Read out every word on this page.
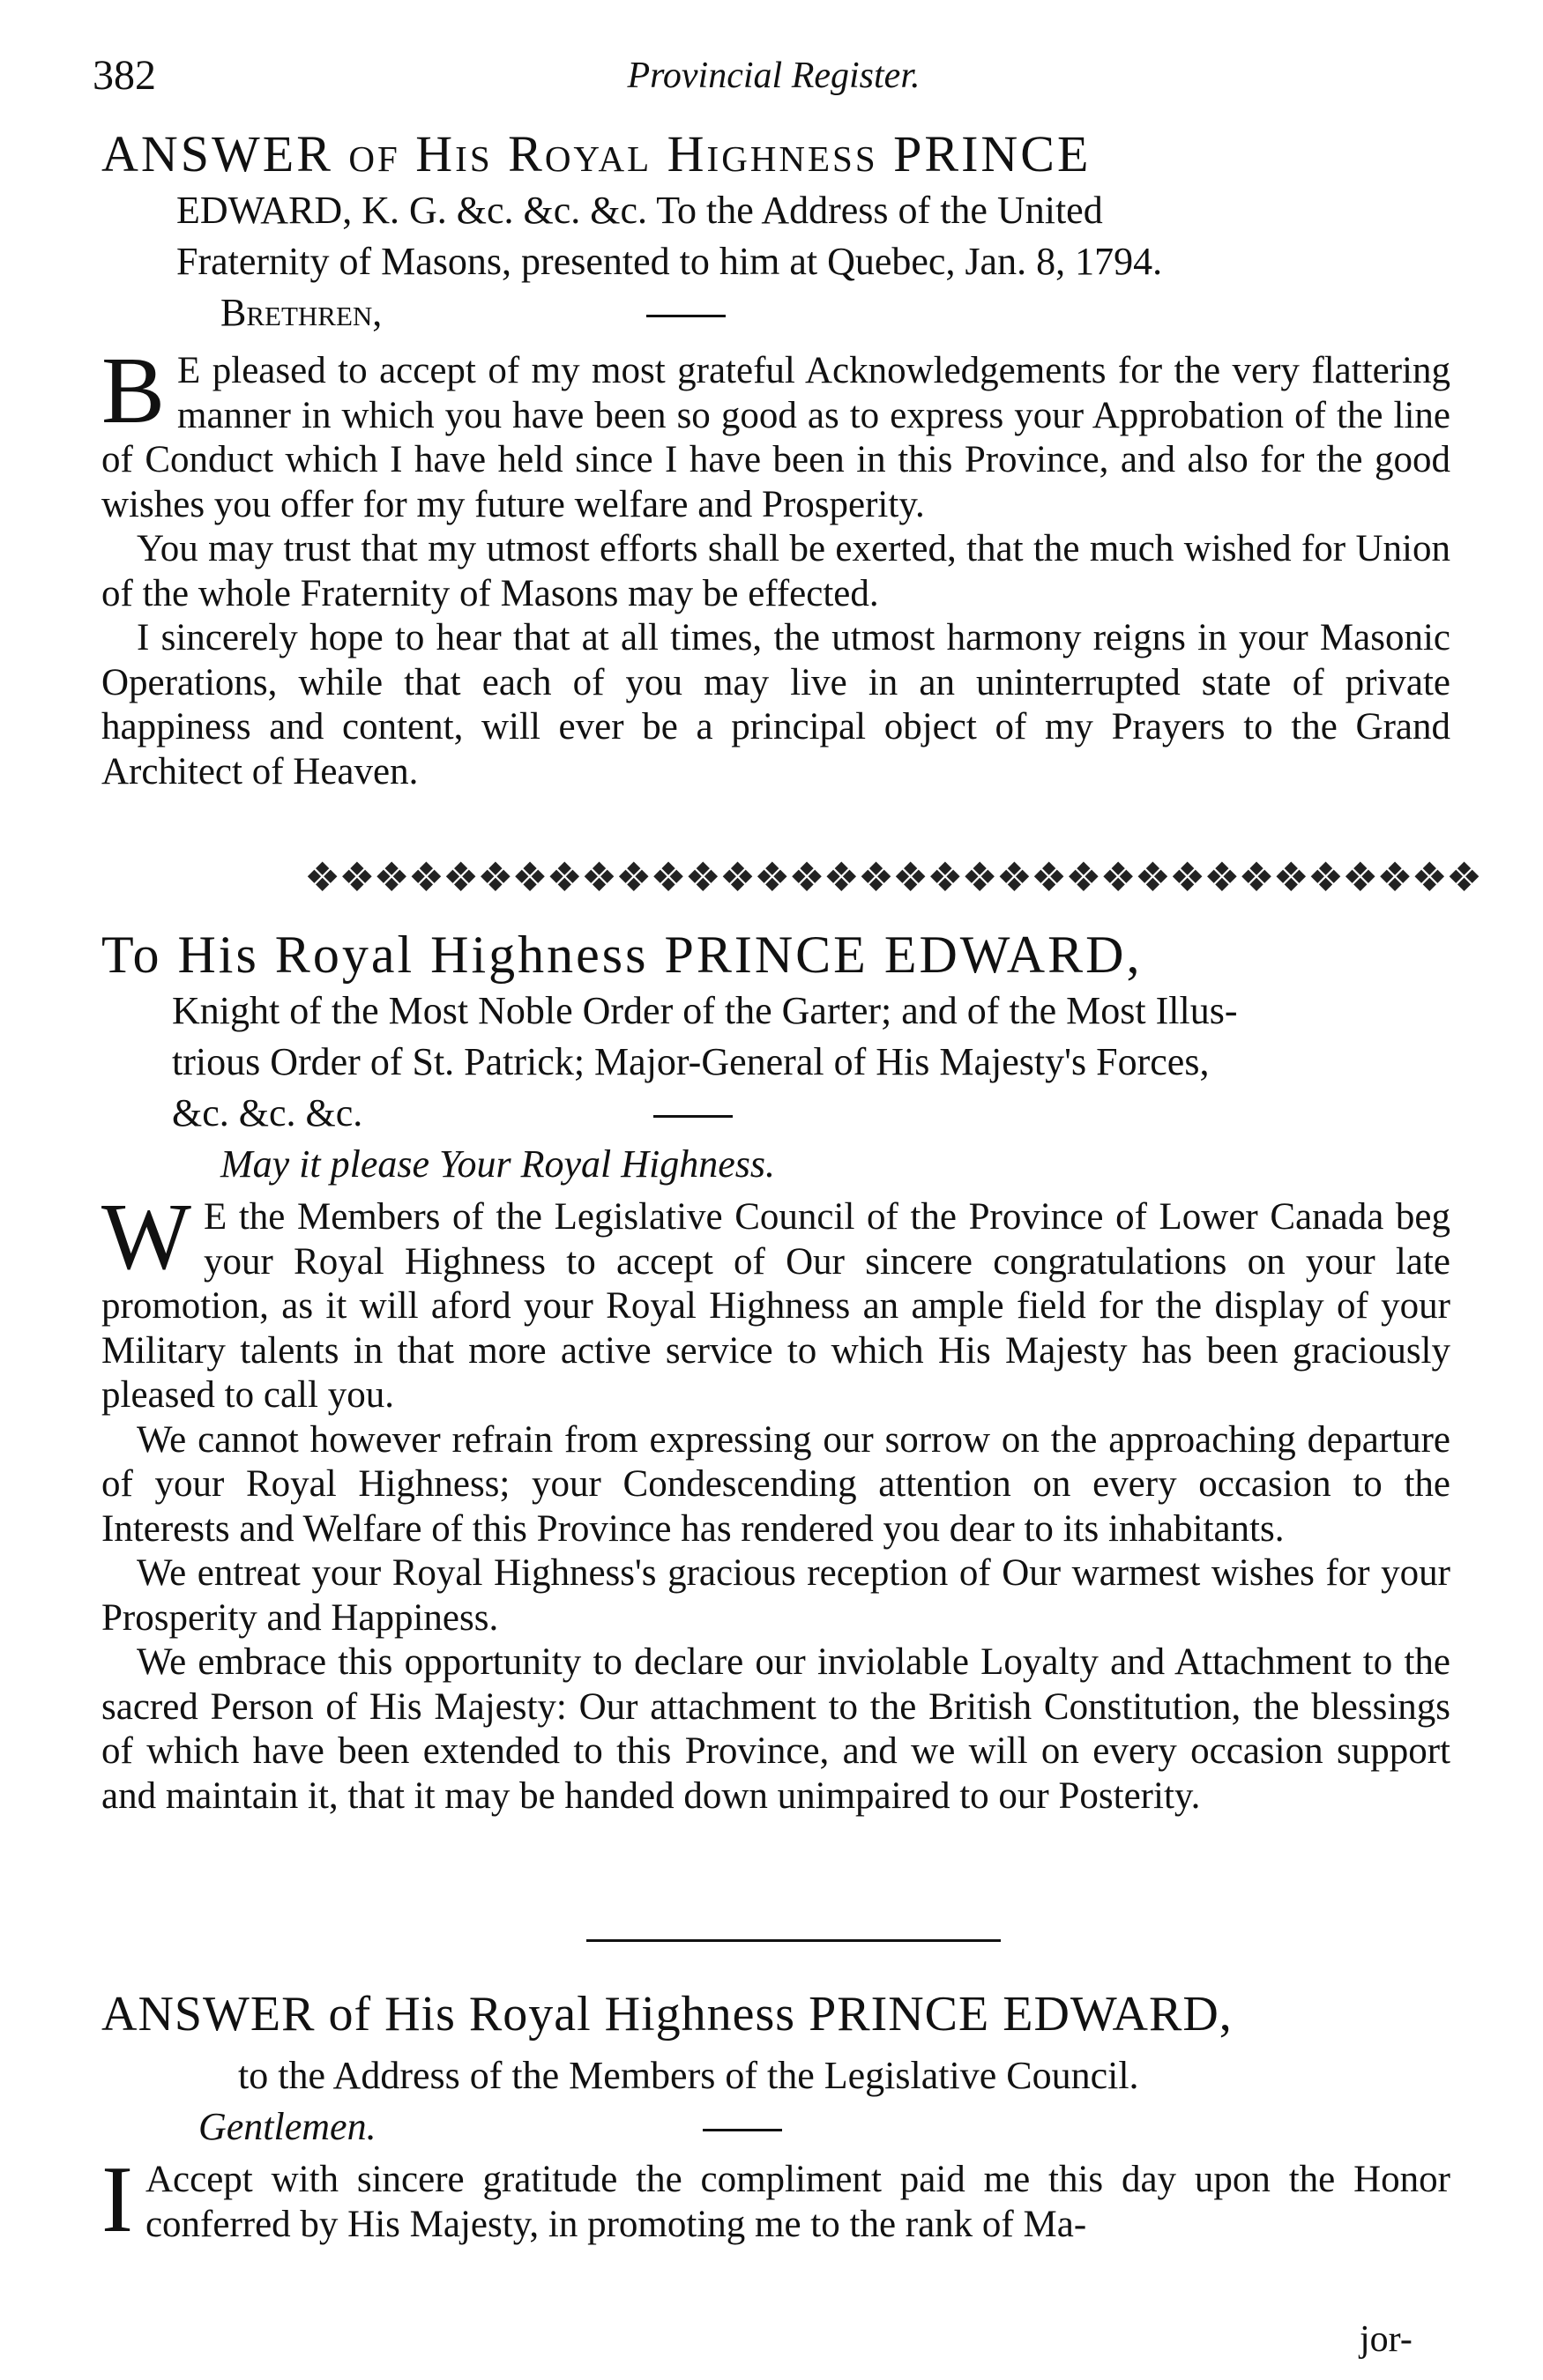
382	Provincial Register.
ANSWER of His Royal Highness PRINCE
EDWARD, K. G. &c. &c. &c. To the Address of the United
Fraternity of Masons, presented to him at Quebec, Jan. 8, 1794.
Brethren,

B E pleased to accept of my most grateful Acknowledgements for the very flattering manner in which you have been so good as to express your Approbation of the line of Conduct which I have held since I have been in this Province, and also for the good wishes you offer for my future welfare and Prosperity.

You may trust that my utmost efforts shall be exerted, that the much wished for Union of the whole Fraternity of Masons may be effected.

I sincerely hope to hear that at all times, the utmost harmony reigns in your Masonic Operations, while that each of you may live in an uninterrupted state of private happiness and content, will ever be a principal object of my Prayers to the Grand Architect of Heaven.

❖❖❖❖❖❖❖❖❖❖❖❖❖❖❖❖❖❖❖❖❖❖❖❖❖❖❖❖❖❖❖❖❖❖
To His Royal Highness PRINCE EDWARD,
Knight of the Most Noble Order of the Garter; and of the Most Illus-
trious Order of St. Patrick; Major-General of His Majesty's Forces,
&c. &c. &c.
May it please Your Royal Highness.

W E the Members of the Legislative Council of the Province of Lower Canada beg your Royal Highness to accept of Our sincere congratulations on your late promotion, as it will aford your Royal Highness an ample field for the display of your Military talents in that more active service to which His Majesty has been graciously pleased to call you.

We cannot however refrain from expressing our sorrow on the approaching departure of your Royal Highness; your Condescending attention on every occasion to the Interests and Welfare of this Province has rendered you dear to its inhabitants.

We entreat your Royal Highness's gracious reception of Our warmest wishes for your Prosperity and Happiness.

We embrace this opportunity to declare our inviolable Loyalty and Attachment to the sacred Person of His Majesty: Our attachment to the British Constitution, the blessings of which have been extended to this Province, and we will on every occasion support and maintain it, that it may be handed down unimpaired to our Posterity.

ANSWER of His Royal Highness PRINCE EDWARD,
to the Address of the Members of the Legislative Council.
Gentlemen.

I Accept with sincere gratitude the compliment paid me this day upon the Honor conferred by His Majesty, in promoting me to the rank of Ma-

jor-
